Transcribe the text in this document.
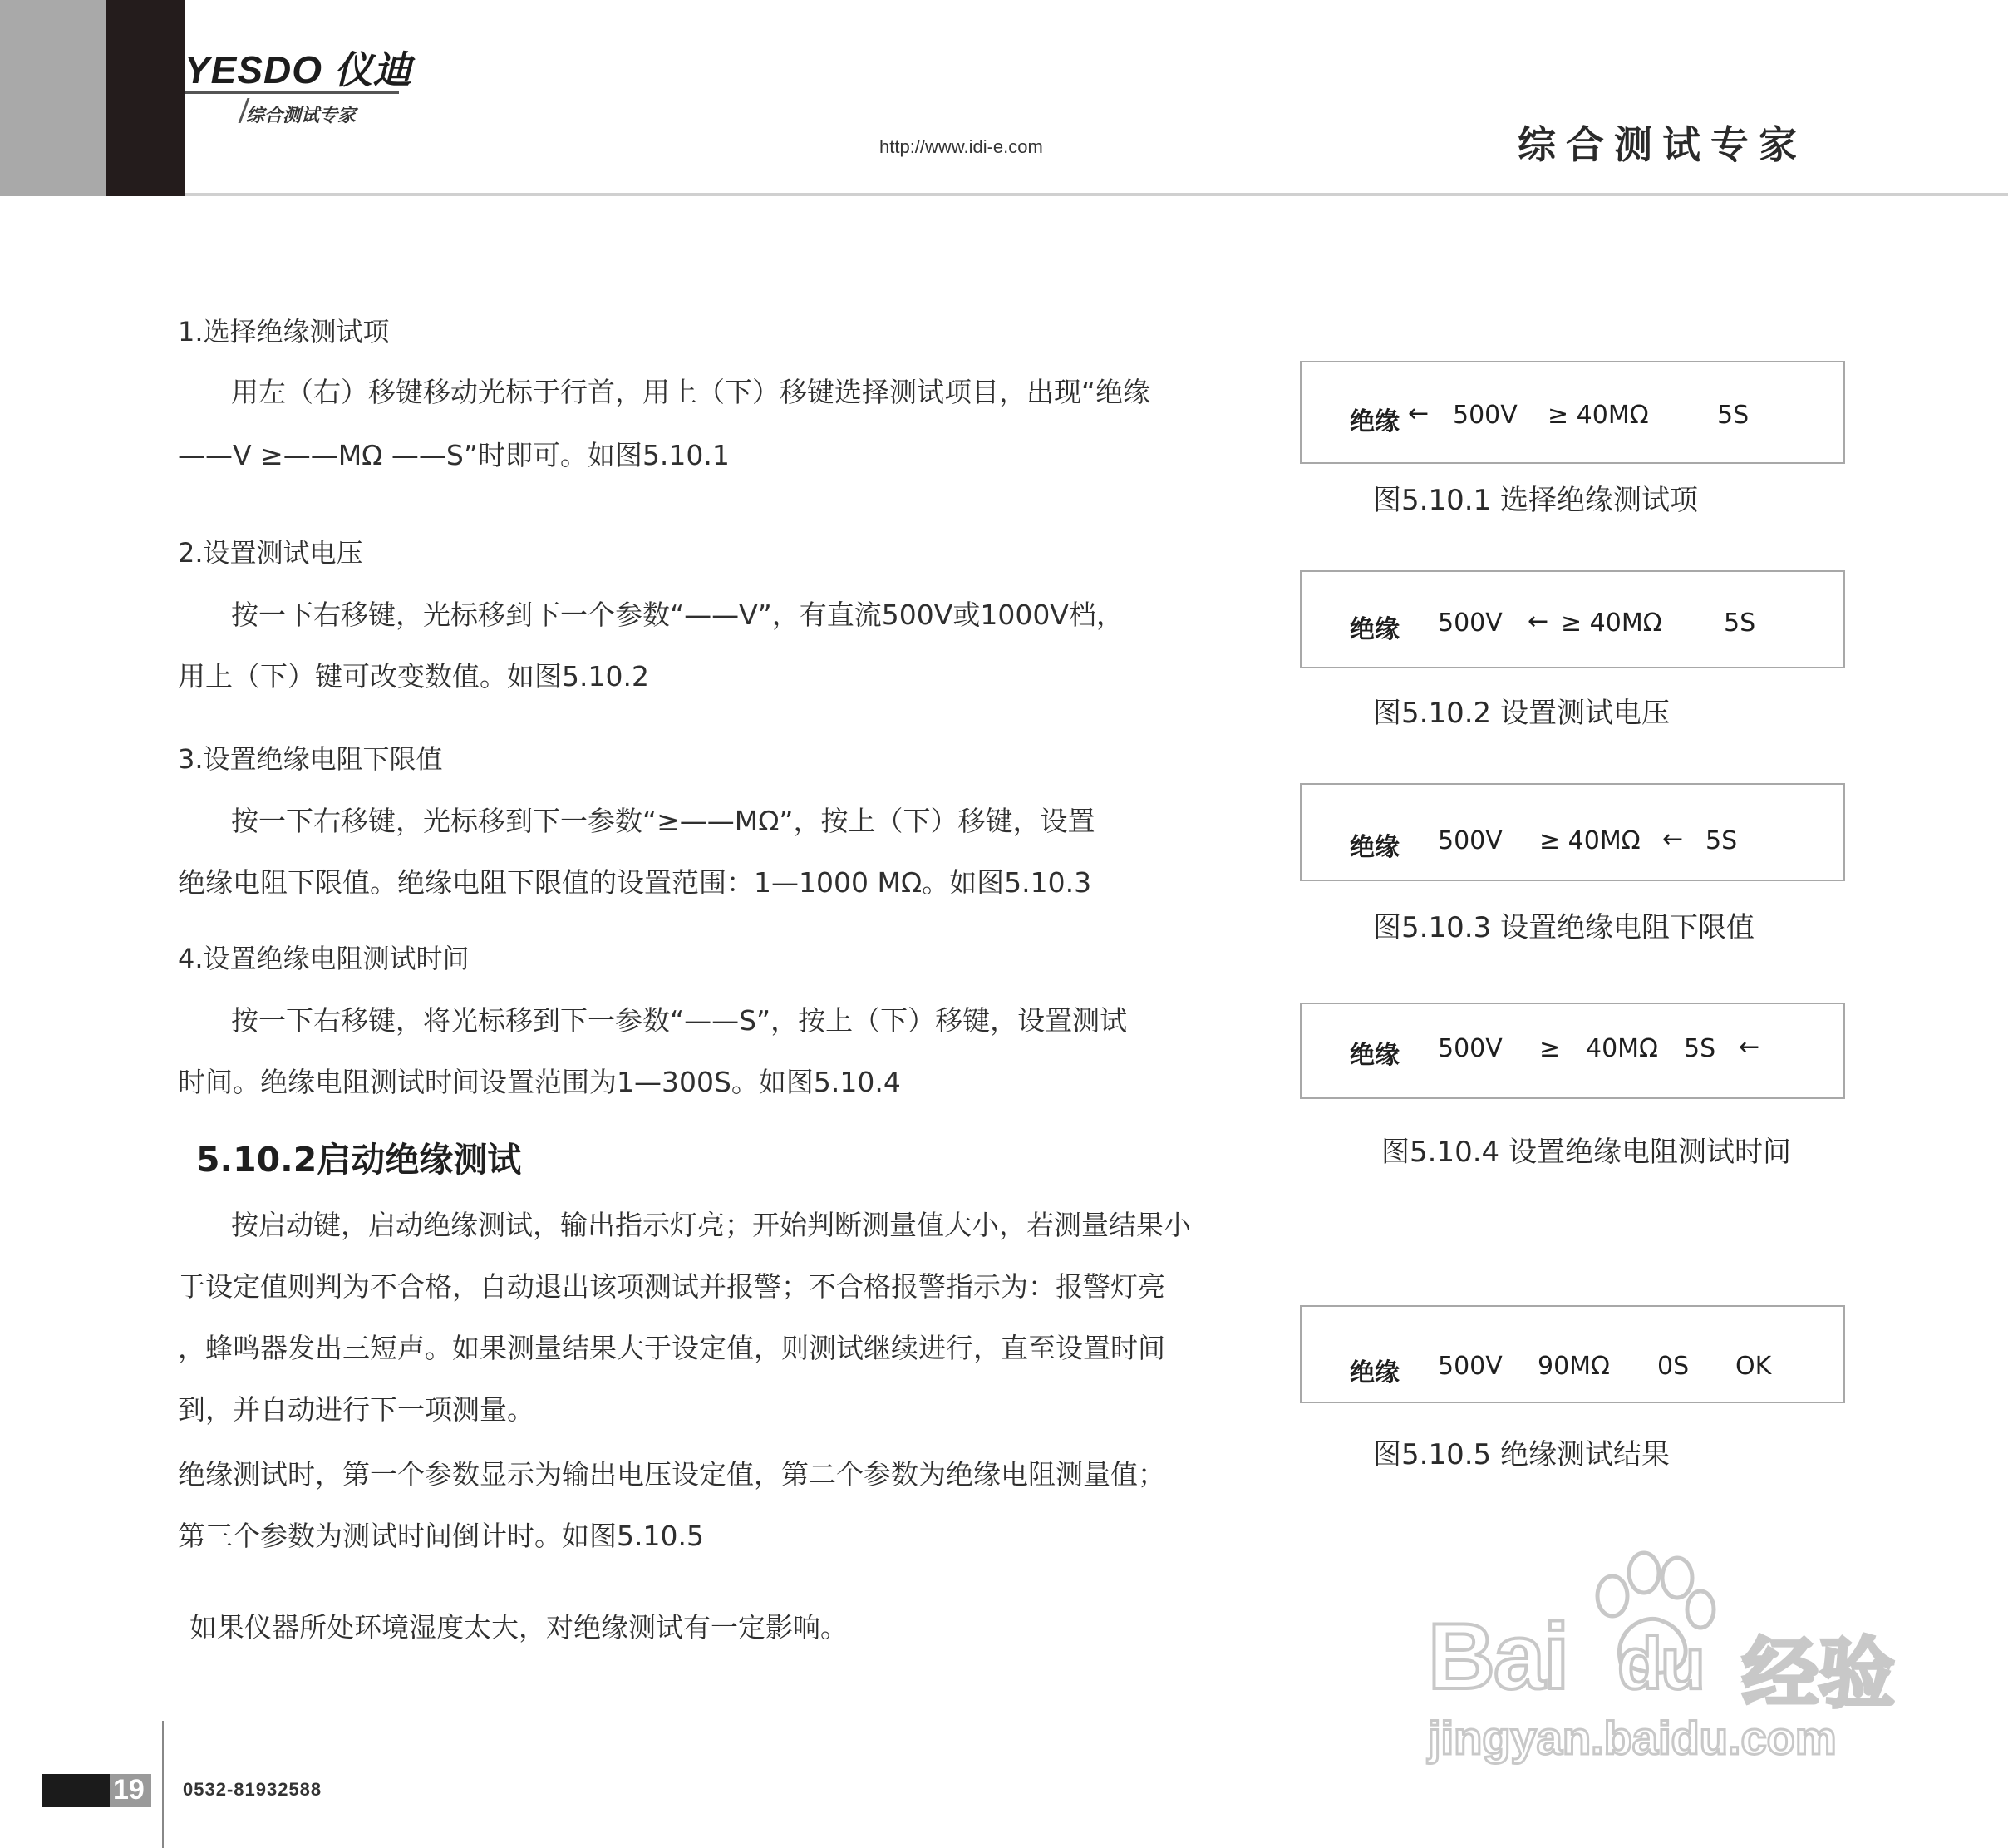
YESDO 仪迪
综合测试专家
http://www.idi-e.com	综合测试专家
1.选择绝缘测试项
用左（右）移键移动光标于行首，用上（下）移键选择测试项目，出现“绝缘
——V ≥——MΩ ——S”时即可。如图5.10.1
2.设置测试电压
按一下右移键，光标移到下一个参数“——V”，有直流500V或1000V档，
用上（下）键可改变数值。如图5.10.2
3.设置绝缘电阻下限值
按一下右移键，光标移到下一参数“≥——MΩ”，按上（下）移键，设置
绝缘电阻下限值。绝缘电阻下限值的设置范围：1—1000 MΩ。如图5.10.3
4.设置绝缘电阻测试时间
按一下右移键，将光标移到下一参数“——S”，按上（下）移键，设置测试
时间。绝缘电阻测试时间设置范围为1—300S。如图5.10.4
5.10.2启动绝缘测试
按启动键，启动绝缘测试，输出指示灯亮；开始判断测量值大小，若测量结果小
于设定值则判为不合格，自动退出该项测试并报警；不合格报警指示为：报警灯亮
，蜂鸣器发出三短声。如果测量结果大于设定值，则测试继续进行，直至设置时间
到，并自动进行下一项测量。
绝缘测试时，第一个参数显示为输出电压设定值，第二个参数为绝缘电阻测量值；
第三个参数为测试时间倒计时。如图5.10.5
如果仪器所处环境湿度太大，对绝缘测试有一定影响。
绝缘 ← 500V ≥ 40MΩ	5S
图5.10.1 选择绝缘测试项
绝缘 500V ← ≥ 40MΩ 5S
图5.10.2 设置测试电压
绝缘 500V ≥ 40MΩ ← 5S
图5.10.3 设置绝缘电阻下限值
绝缘 500V ≥ 40MΩ 5S ←
图5.10.4 设置绝缘电阻测试时间
绝缘 500V 90MΩ 0S OK
图5.10.5 绝缘测试结果
Bai du 经验
jingyan.baidu.com
19 0532-81932588
